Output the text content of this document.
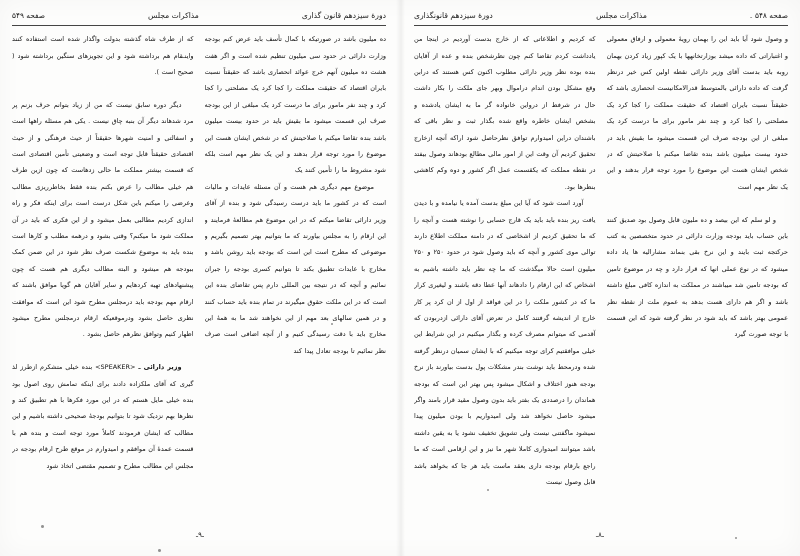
صفحه ۵۴۸ـ
مذاکرات مجلس
دورهٔ سیزدهم قانونگذاری

و وصول شود آیا باید این را بهمان رویهٔ معمولی و ارفاق معمولی و اغتباراتی که داده میشد بوزارتخانهها با یک کپور زیاد کردن بهمان روبه باید بدست آقای وزیر دارائی نقطه اولین کس خیر درنظر گرفت که داده دارائی بالمتوسط قدرالامکانیست انحصاری باشد که حقیقتاً نسبت بایران اقتصاد که حقیقت مملکت را کجا کرد یک مصلحتی را کجا کرد و چند نفر مامور برای ما درست کرد یک مبلغی از این بودجه صرف این قسمت میشود ما بقیش باید در حدود بیست میلیون باشد بنده تقاضا میکنم با صلاحیتش که در شخص ایشان هست این موضوع را مورد توجه قرار بدهند و این یک نظر مهم است

و لو سلم که این بیصد و ده ملیون قابل وصول بود صدیق کنند باین حساب باید بودجه وزارت دارائی در حدود متخصصین به کتب حرکتجه ثبت بایند و این نرخ بقی بنماند مشارالیه ها یاد داده میشود که در نوع عملی انها که قرار دارد و چه در موضوع تامین که بودجه تامین شد میباشند در مملکت به اندازه کافی مبلغ داشته باشد و اگر هم دارای هست بدهد به عموم ملت از نقطه نظر عمومی بهتر باشد که باید شود در نظر گرفته شود که این قسمت با توجه صورت گیرد

که کردیم و اطلاعاتی که از خارج بدست آوردیم در اینجا من یادداشت کردم تقاضا کنم چون نظرشخص بنده و عده از آقایان بنده بوده نظر وزیر دارائی مطلوب اکنون کس هستند که درابن وقع مشکل بودن اندام دراموال وبهر جای ملکت را بکار داشت حال در شرفط از درواین خانواده گر ما به ایشان یادشده و بشخص ایشان خاطره واقع شده بگذار ثبت و نظر باقی که باشندان دراین امیدوارم توافق نظرحاصل شود اراکه آنچه ازخارج تحقیق کردیم آن وقت این از امور مالی مطالع بودهاند وصول بیفتد در نقطه مملکت که یکقسمت عمل اگر کشور و دوه وکم کاهشی بنظرها بود.

آورد است شود که آیا این مبلغ بدست آمده یا نیامده و با دیدن یافت ریز بنده باید باید یک قارج حسابی را نوشته هست و آنچه را که ما تحقیق کردیم از اشخاصی که در دامنه مملکت اطلاع دارند توالی موی کشور و آنچه که باید وصول شود در حدود ۲۵۰ و ۲۵۰ میلیون است حالا میگذشت که ما چه نظر باید داشته باشیم به اشخاص که این ارقام را دادهاند آنها عطا دقه باشند و لیغیری کرار ما که در کشور ملکت را در این فواقد از اول از ان کرد پر کار خارج از اندیشه گرفتند کامل در تعرض آقای دارائی ازدربودن که آقدمی که میتوانم مصرف کرده و بگذار میکنیم در این شرایط این خیلی موافقتیم کرای توجه میکنیم که با ایشان سمیان درنظر گرفته شده ودرمحط باید نوشت بندر مشکلات پول بدست بیاورند باز نرخ بودجه هنوز اختلاف و اشکال میشود پس بهتر این است که بودجه هماندان را درصددی یک بفتر باید بدون وصول مقید قرار بامند واگر میشود حاصل نخواهد شد ولی امیدواریم با بودن میلیون پیدا نمیشود ماگفتنی نیست ولی تشویق تخفیف نشود یا به یقین داشته باشد میتوانند امیدواری کاملا شهر ما نیز و این ارقامی است که ما راجع بارقام بودجه داری بعقد ماست باید هر جا که بخواهد باشد قابل وصول نیست

ـ۸ـ
دورهٔ سیزدهم قانون گذاری
مذاکرات مجلس
صفحه ۵۴۹

ده میلیون باشد در صورتیکه با کمال تأسف باید عرض کنم بودجه وزارت دارائی در حدود سی میلیون تنظیم شده است و اگر هفت هشت ده میلیون آنهم خرج عوائد انحصاری باشد که حقیقتاً نسبت بایران اقتصاد که حقیقت مملکت را کجا کرد یک مصلحتی را کجا کرد و چند نفر مامور برای ما درست کرد یک مبلغی از این بودجه صرف این قسمت میشود ما بقیش باید در حدود بیست میلیون باشد بنده تقاضا میکنم با صلاحیتش که در شخص ایشان هست این موضوع را مورد توجه قرار بدهند و این یک نظر مهم است بلکه شود مشروط ما را تأمین کنند یک

موضوع مهم دیگری هم هست و آن مسئله عایدات و مالیات است که در کشور ما باید درست رسیدگی شود و بنده از آقای وزیر دارائی تقاضا میکنم که در این موضوع هم مطالعهٔ فرمایند و این ارقام را به مجلس بیاورند که ما بتوانیم بهتر تصمیم بگیریم و موضوعی که مطرح است این است که بودجه باید روشن باشد و مخارج با عایدات تطبیق بکند تا بتوانیم کسری بودجه را جبران نمائیم و آنچه که در نتیجه بین المللی دارم پس تقاضای بنده این است که در این ملکت حقوق میگیرند در تمام بنده باید حساب کنند و در همین سالهای بعد مهم از این نخواهند شد ما به همهٔ این مخارج باید با دقت رسیدگی کنیم و از آنچه اضافی است صرف نظر نمائیم تا بودجه تعادل پیدا کند

که از طرف شاه گذشته بدولت واگذار شده است استفاده کنند واینـقام هم برداشته شود و این تجویزهای سنگین برداشته شود ( صحیح است ).

دیگر دوره سابق نیست که من از زیاد بتوانم حرف بزنم پر مرد شدهاند دیگر آن بنبه چاق نیست . یکی هم مسئله راهها است و اسفالتی و امنیت شهرها حقیقتاً از حیث فرهنگی و از حیث اقتصادی حقیقتاً قابل توجه است و وضعیتی تأمین اقتصادی است که قسمت بیشتر مملکت ما حالی زدهاست که چون ازین طرف هم خیلی مطالب را عرض بکنم بنده فقط بخاطرریزی مطالب وعرضی را میکنم باین شکل درست است برای اینکه فکر و راه اندازی کردیم مطالبی بعمل میشود و از این فکری که باید در آن مملکت شود ما میکنم؟ وقتی بشود و درهمه مطلب و کارها است بنده باید به موضوع شکست صرف نظر شود در این ضمن کمک ببودجه هم میشود و البته مطالب دیگری هم هست که چون پیشنهادهای تهیه کردهایم و سایر آقایان هم گویا موافق باشند که ارقام مهم بودجه باید درمجلس مطرح شود این است که موافقت نظری حاصل بشود ودرموقعیکه ارقام درمجلس مطرح میشود اظهار کنیم وتوافق نظرهم حاصل بشود .

وزیر دارائی ـ <SPEAKER> بنده خیلی متشکرم ازطرز لذ گیری که آقای ملکزاده دادند برای اینکه تمامش روی اصول بود بنده خیلی مایل هستم که در این مورد فکرها با هم تطبیق کند و نظرها بهم نزدیک شود تا بتوانیم بودجهٔ صحیحی داشته باشیم و این مطالب که ایشان فرمودند کاملاً مورد توجه است و بنده هم با قسمت عمدهٔ آن موافقم و امیدوارم در موقع طرح ارقام بودجه در مجلس این مطالب مطرح و تصمیم مقتضی اتخاذ شود

ـ۹ـ
